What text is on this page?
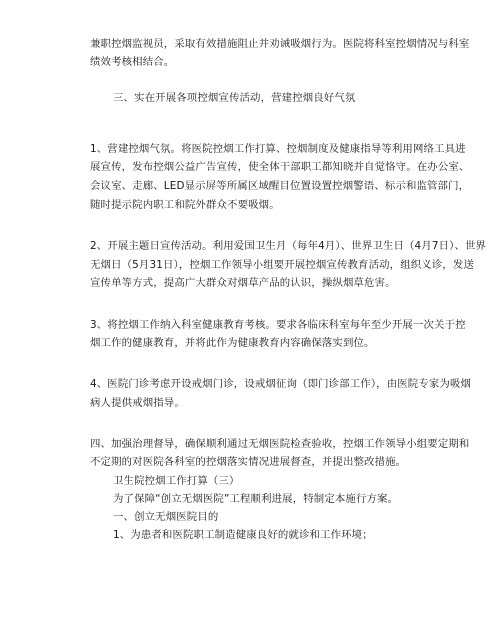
兼职控烟监视员，采取有效措施阻止并劝诫吸烟行为。医院将科室控烟情况与科室
绩效考核相结合。
三、实在开展各项控烟宣传活动，营建控烟良好气氛
1、营建控烟气氛。将医院控烟工作打算、控烟制度及健康指导等利用网络工具进
展宣传，发布控烟公益广告宣传，使全体干部职工都知晓并自觉恪守。在办公室、
会议室、走廊、LED显示屏等所属区域醒目位置设置控烟警语、标示和监管部门，
随时提示院内职工和院外群众不要吸烟。
2、开展主题日宣传活动。利用爱国卫生月（每年4月）、世界卫生日（4月7日）、世界
无烟日（5月31日），控烟工作领导小组要开展控烟宣传教育活动，组织义诊，发送
宣传单等方式，提高广大群众对烟草产品的认识，操纵烟草危害。
3、将控烟工作纳入科室健康教育考核。要求各临床科室每年至少开展一次关于控
烟工作的健康教育，并将此作为健康教育内容确保落实到位。
4、医院门诊考虑开设戒烟门诊，设戒烟征询（即门诊部工作），由医院专家为吸烟
病人提供戒烟指导。
四、加强治理督导，确保顺利通过无烟医院检查验收，控烟工作领导小组要定期和
不定期的对医院各科室的控烟落实情况进展督查，并提出整改措施。
卫生院控烟工作打算（三）
为了保障“创立无烟医院”工程顺利进展，特制定本施行方案。
一、创立无烟医院目的
1、为患者和医院职工制造健康良好的就诊和工作环境；
